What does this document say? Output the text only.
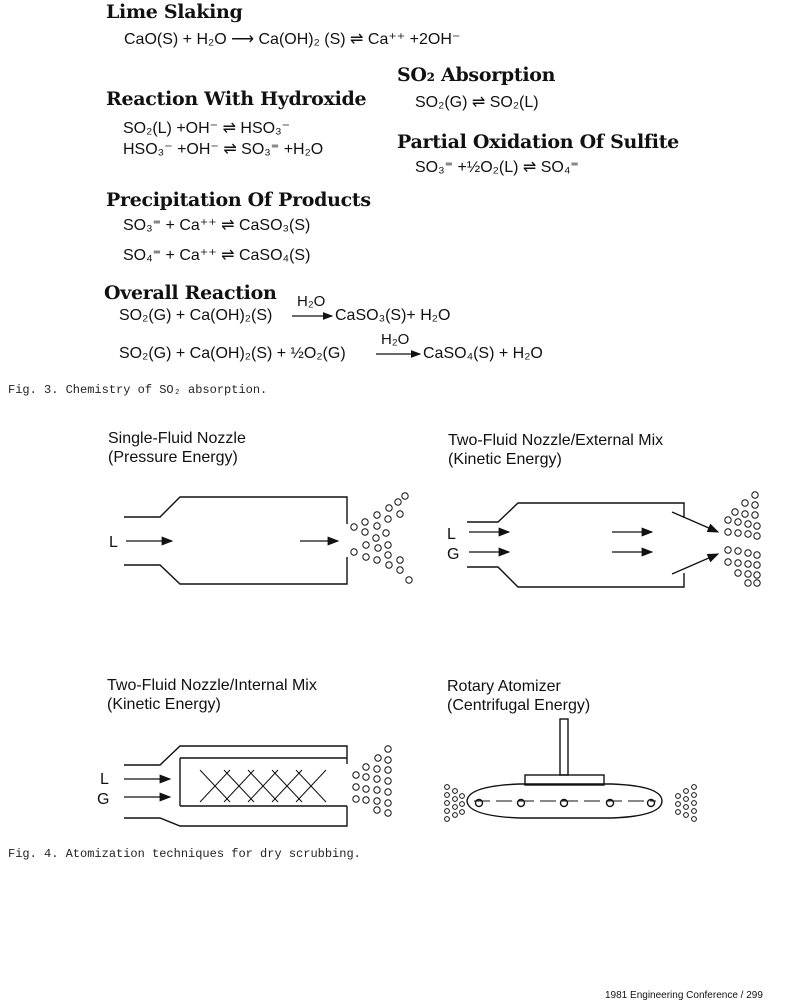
Lime Slaking
CaO(S) + H₂O ⟶ Ca(OH)₂ (S) ⇌ Ca⁺⁺ +2OH⁻
SO₂ Absorption
SO₂(G) ⇌ SO₂(L)
Reaction With Hydroxide
SO₂(L) +OH⁻ ⇌ HSO₃⁻
HSO₃⁻ +OH⁻ ⇌ SO₃⁼ +H₂O	Partial Oxidation Of Sulfite
SO₃⁼ +½O₂(L) ⇌ SO₄⁼
Precipitation Of Products
SO₃⁼ + Ca⁺⁺ ⇌ CaSO₃(S)
SO₄⁼ + Ca⁺⁺ ⇌ CaSO₄(S)
Overall Reaction
SO₂(G) + Ca(OH)₂(S)
H₂O
CaSO₃(S)+ H₂O
SO₂(G) + Ca(OH)₂(S) + ½O₂(G)
H₂O
CaSO₄(S) + H₂O
Fig. 3. Chemistry of SO₂ absorption.
Single-Fluid Nozzle
(Pressure Energy)
Two-Fluid Nozzle/External Mix
(Kinetic Energy)
Two-Fluid Nozzle/Internal Mix
(Kinetic Energy)
Rotary Atomizer
(Centrifugal Energy)
L	L
G
L
G
Fig. 4. Atomization techniques for dry scrubbing.
1981 Engineering Conference / 299
